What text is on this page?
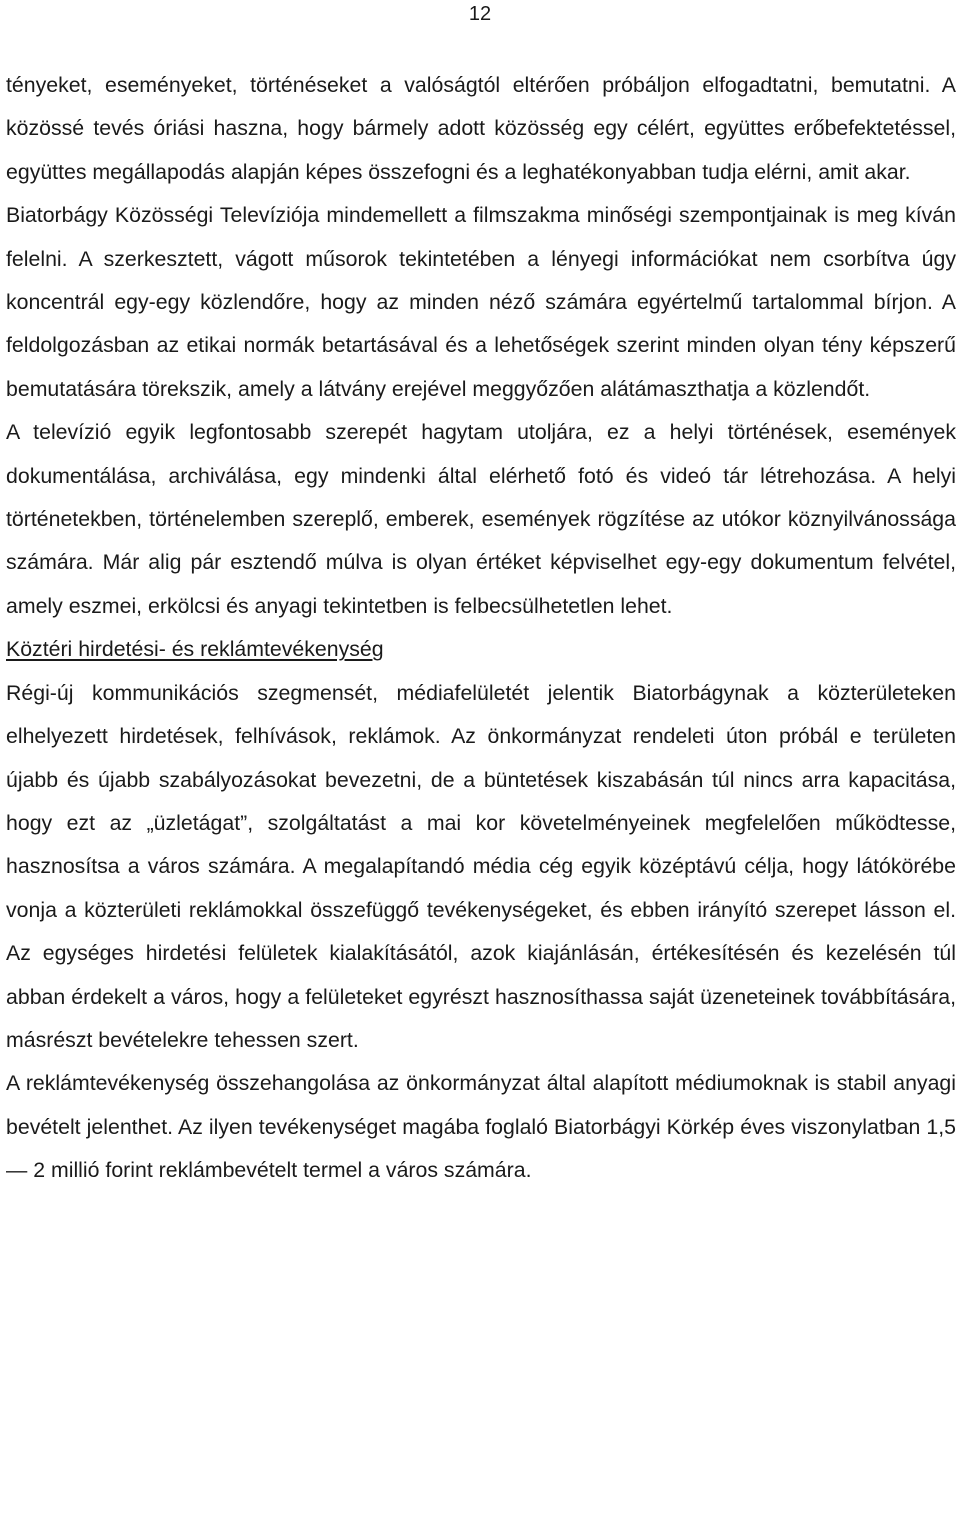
12

tényeket, eseményeket, történéseket a valóságtól eltérően próbáljon elfogadtatni, bemutatni. A közössé tevés óriási haszna, hogy bármely adott közösség egy célért, együttes erőbefektetéssel, együttes megállapodás alapján képes összefogni és a leghatékonyabban tudja elérni, amit akar.

Biatorbágy Közösségi Televíziója mindemellett a filmszakma minőségi szempontjainak is meg kíván felelni. A szerkesztett, vágott műsorok tekintetében a lényegi információkat nem csorbítva úgy koncentrál egy-egy közlendőre, hogy az minden néző számára egyértelmű tartalommal bírjon. A feldolgozásban az etikai normák betartásával és a lehetőségek szerint minden olyan tény képszerű bemutatására törekszik, amely a látvány erejével meggyőzően alátámaszthatja a közlendőt.

A televízió egyik legfontosabb szerepét hagytam utoljára, ez a helyi történések, események dokumentálása, archiválása, egy mindenki által elérhető fotó és videó tár létrehozása. A helyi történetekben, történelemben szereplő, emberek, események rögzítése az utókor köznyilvánossága számára. Már alig pár esztendő múlva is olyan értéket képviselhet egy-egy dokumentum felvétel, amely eszmei, erkölcsi és anyagi tekintetben is felbecsülhetetlen lehet.

Köztéri hirdetési- és reklámtevékenység

Régi-új kommunikációs szegmensét, médiafelületét jelentik Biatorbágynak a közterületeken elhelyezett hirdetések, felhívások, reklámok. Az önkormányzat rendeleti úton próbál e területen újabb és újabb szabályozásokat bevezetni, de a büntetések kiszabásán túl nincs arra kapacitása, hogy ezt az „üzletágat”, szolgáltatást a mai kor követelményeinek megfelelően működtesse, hasznosítsa a város számára. A megalapítandó média cég egyik középtávú célja, hogy látókörébe vonja a közterületi reklámokkal összefüggő tevékenységeket, és ebben irányító szerepet lásson el. Az egységes hirdetési felületek kialakításától, azok kiajánlásán, értékesítésén és kezelésén túl abban érdekelt a város, hogy a felületeket egyrészt hasznosíthassa saját üzeneteinek továbbítására, másrészt bevételekre tehessen szert.

A reklámtevékenység összehangolása az önkormányzat által alapított médiumoknak is stabil anyagi bevételt jelenthet. Az ilyen tevékenységet magába foglaló Biatorbágyi Körkép éves viszonylatban 1,5 — 2 millió forint reklámbevételt termel a város számára.
